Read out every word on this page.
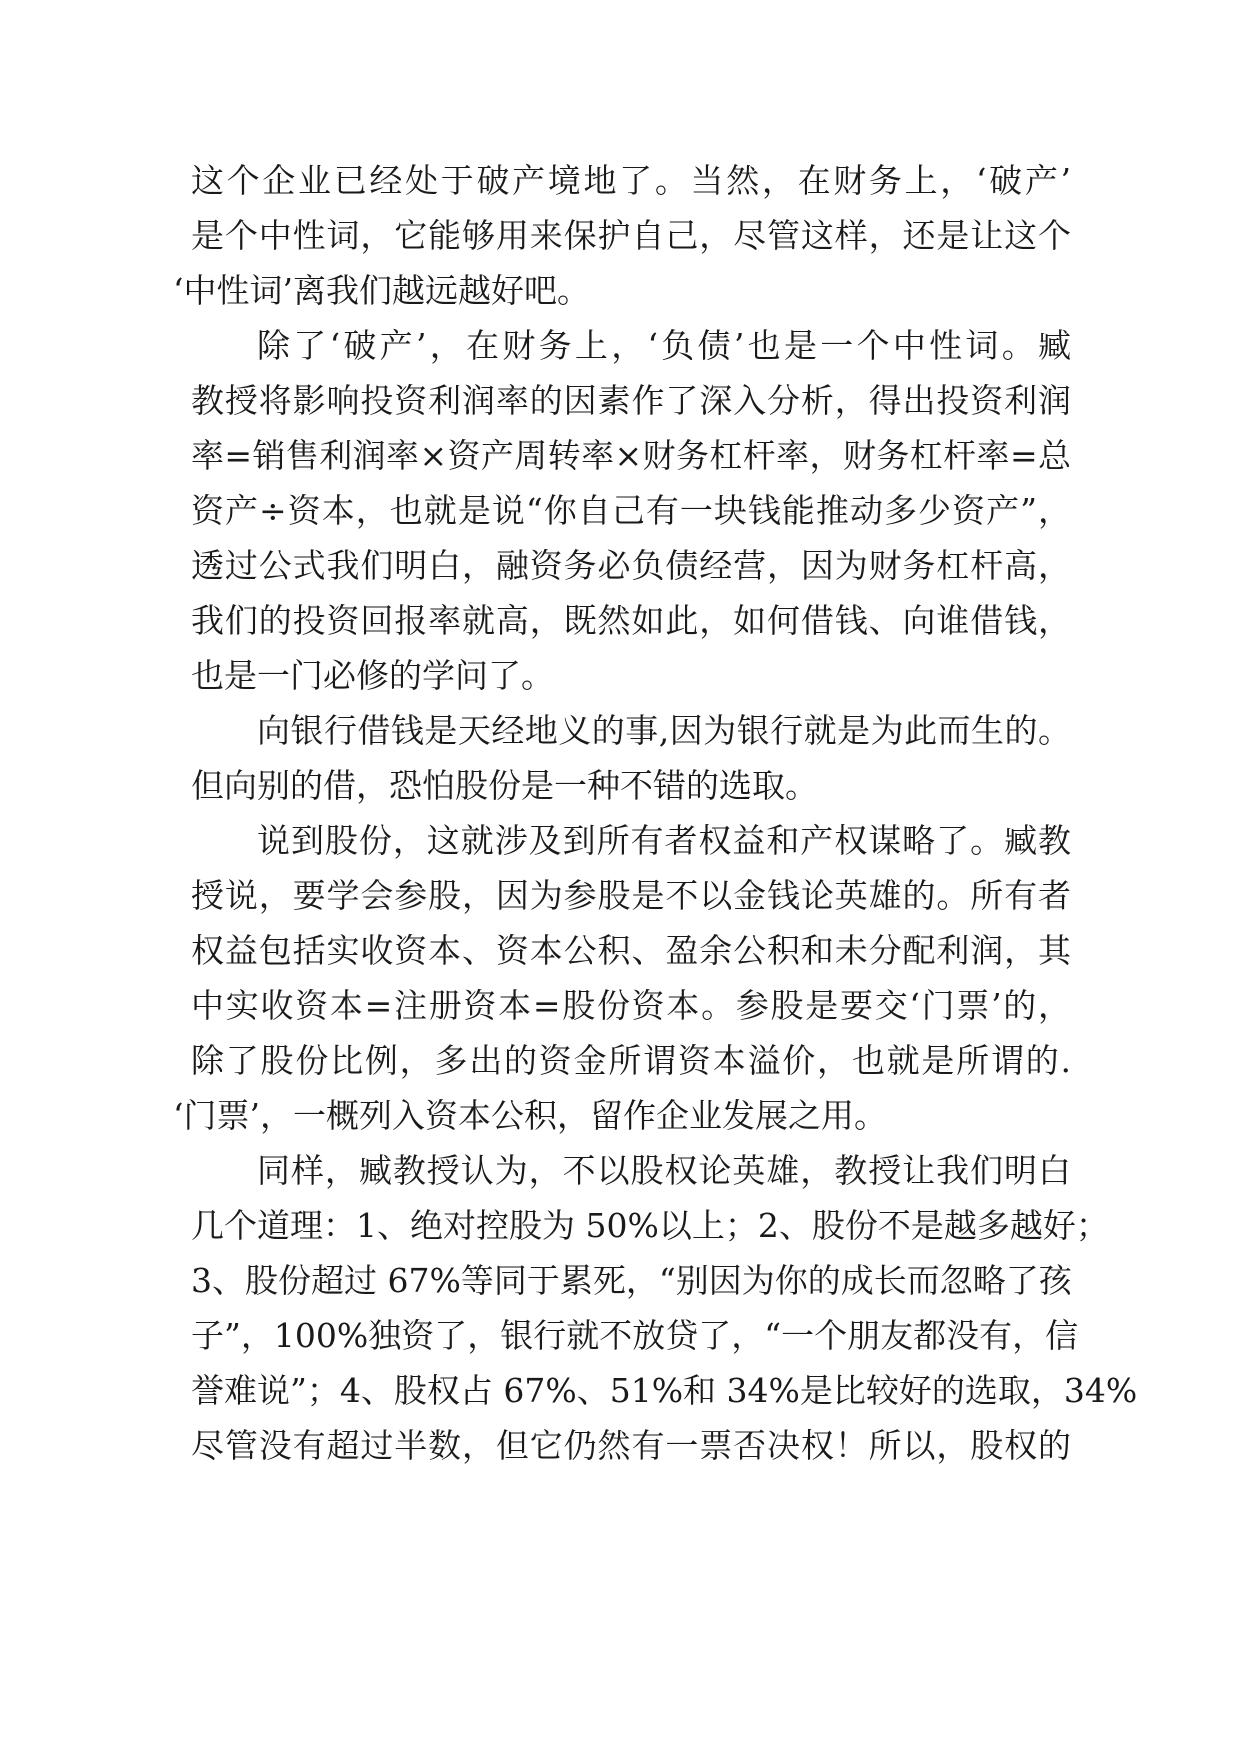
这个企业已经处于破产境地了。当然，在财务上，‘破产’
是个中性词，它能够用来保护自己，尽管这样，还是让这个
‘中性词’离我们越远越好吧。
除了‘破产’，在财务上，‘负债’也是一个中性词。臧
教授将影响投资利润率的因素作了深入分析，得出投资利润
率=销售利润率×资产周转率×财务杠杆率，财务杠杆率=总
资产÷资本，也就是说“你自己有一块钱能推动多少资产”，
透过公式我们明白，融资务必负债经营，因为财务杠杆高，
我们的投资回报率就高，既然如此，如何借钱、向谁借钱，
也是一门必修的学问了。
向银行借钱是天经地义的事,因为银行就是为此而生的。
但向别的借，恐怕股份是一种不错的选取。
说到股份，这就涉及到所有者权益和产权谋略了。臧教
授说，要学会参股，因为参股是不以金钱论英雄的。所有者
权益包括实收资本、资本公积、盈余公积和未分配利润，其
中实收资本=注册资本=股份资本。参股是要交‘门票’的，
除了股份比例，多出的资金所谓资本溢价，也就是所谓的.
‘门票’，一概列入资本公积，留作企业发展之用。
同样，臧教授认为，不以股权论英雄，教授让我们明白
几个道理：1、绝对控股为 50%以上；2、股份不是越多越好；
3、股份超过 67%等同于累死，“别因为你的成长而忽略了孩
子”，100%独资了，银行就不放贷了，“一个朋友都没有，信
誉难说”；4、股权占 67%、51%和 34%是比较好的选取，34%
尽管没有超过半数，但它仍然有一票否决权！所以，股权的
